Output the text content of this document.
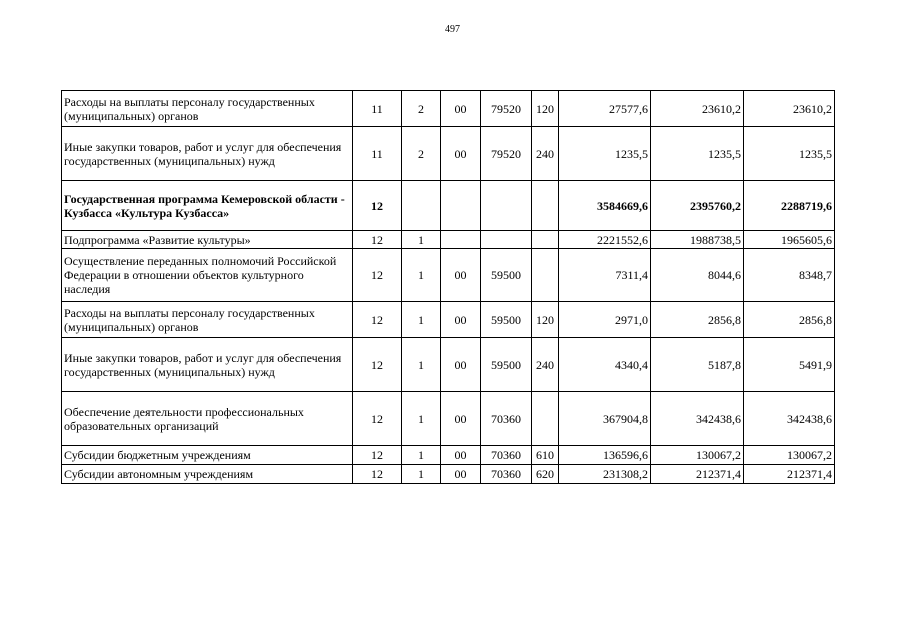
497
Расходы на выплаты персоналу государственных (муниципальных) органов	11	2	00	79520	120	27577,6	23610,2	23610,2
Иные закупки товаров, работ и услуг для обеспечения государственных (муниципальных) нужд	11	2	00	79520	240	1235,5	1235,5	1235,5
Государственная программа Кемеровской области - Кузбасса «Культура Кузбасса»	12					3584669,6	2395760,2	2288719,6
Подпрограмма «Развитие культуры»	12	1				2221552,6	1988738,5	1965605,6
Осуществление переданных полномочий Российской Федерации в отношении объектов культурного наследия	12	1	00	59500		7311,4	8044,6	8348,7
Расходы на выплаты персоналу государственных (муниципальных) органов	12	1	00	59500	120	2971,0	2856,8	2856,8
Иные закупки товаров, работ и услуг для обеспечения государственных (муниципальных) нужд	12	1	00	59500	240	4340,4	5187,8	5491,9
Обеспечение деятельности профессиональных образовательных организаций	12	1	00	70360		367904,8	342438,6	342438,6
Субсидии бюджетным учреждениям	12	1	00	70360	610	136596,6	130067,2	130067,2
Субсидии автономным учреждениям	12	1	00	70360	620	231308,2	212371,4	212371,4
